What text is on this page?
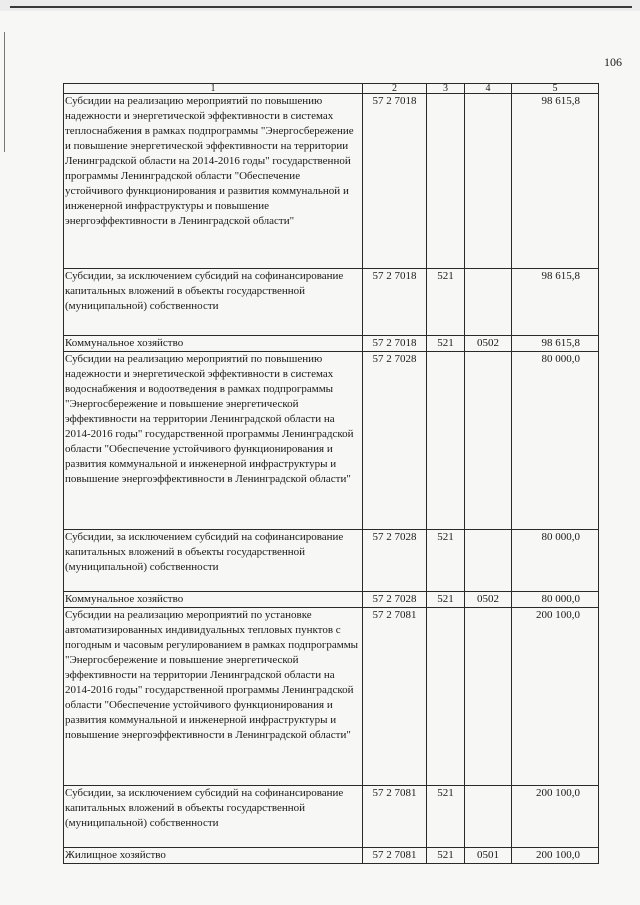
106
1	2	3	4	5
Субсидии на реализацию мероприятий по повышению надежности и энергетической эффективности в системах теплоснабжения в рамках подпрограммы "Энергосбережение и повышение энергетической эффективности на территории Ленинградской области на 2014-2016 годы" государственной программы Ленинградской области "Обеспечение устойчивого функционирования и развития коммунальной и инженерной инфраструктуры и повышение энергоэффективности в Ленинградской области"	57 2 7018			98 615,8
Субсидии, за исключением субсидий на софинансирование капитальных вложений в объекты государственной (муниципальной) собственности	57 2 7018	521		98 615,8
Коммунальное хозяйство	57 2 7018	521	0502	98 615,8
Субсидии на реализацию мероприятий по повышению надежности и энергетической эффективности в системах водоснабжения и водоотведения в рамках подпрограммы "Энергосбережение и повышение энергетической эффективности на территории Ленинградской области на 2014-2016 годы" государственной программы Ленинградской области "Обеспечение устойчивого функционирования и развития коммунальной и инженерной инфраструктуры и повышение энергоэффективности в Ленинградской области"	57 2 7028			80 000,0
Субсидии, за исключением субсидий на софинансирование капитальных вложений в объекты государственной (муниципальной) собственности	57 2 7028	521		80 000,0
Коммунальное хозяйство	57 2 7028	521	0502	80 000,0
Субсидии на реализацию мероприятий по установке автоматизированных индивидуальных тепловых пунктов с погодным и часовым регулированием в рамках подпрограммы "Энергосбережение и повышение энергетической эффективности на территории Ленинградской области на 2014-2016 годы" государственной программы Ленинградской области "Обеспечение устойчивого функционирования и развития коммунальной и инженерной инфраструктуры и повышение энергоэффективности в Ленинградской области"	57 2 7081			200 100,0
Субсидии, за исключением субсидий на софинансирование капитальных вложений в объекты государственной (муниципальной) собственности	57 2 7081	521		200 100,0
Жилищное хозяйство	57 2 7081	521	0501	200 100,0
